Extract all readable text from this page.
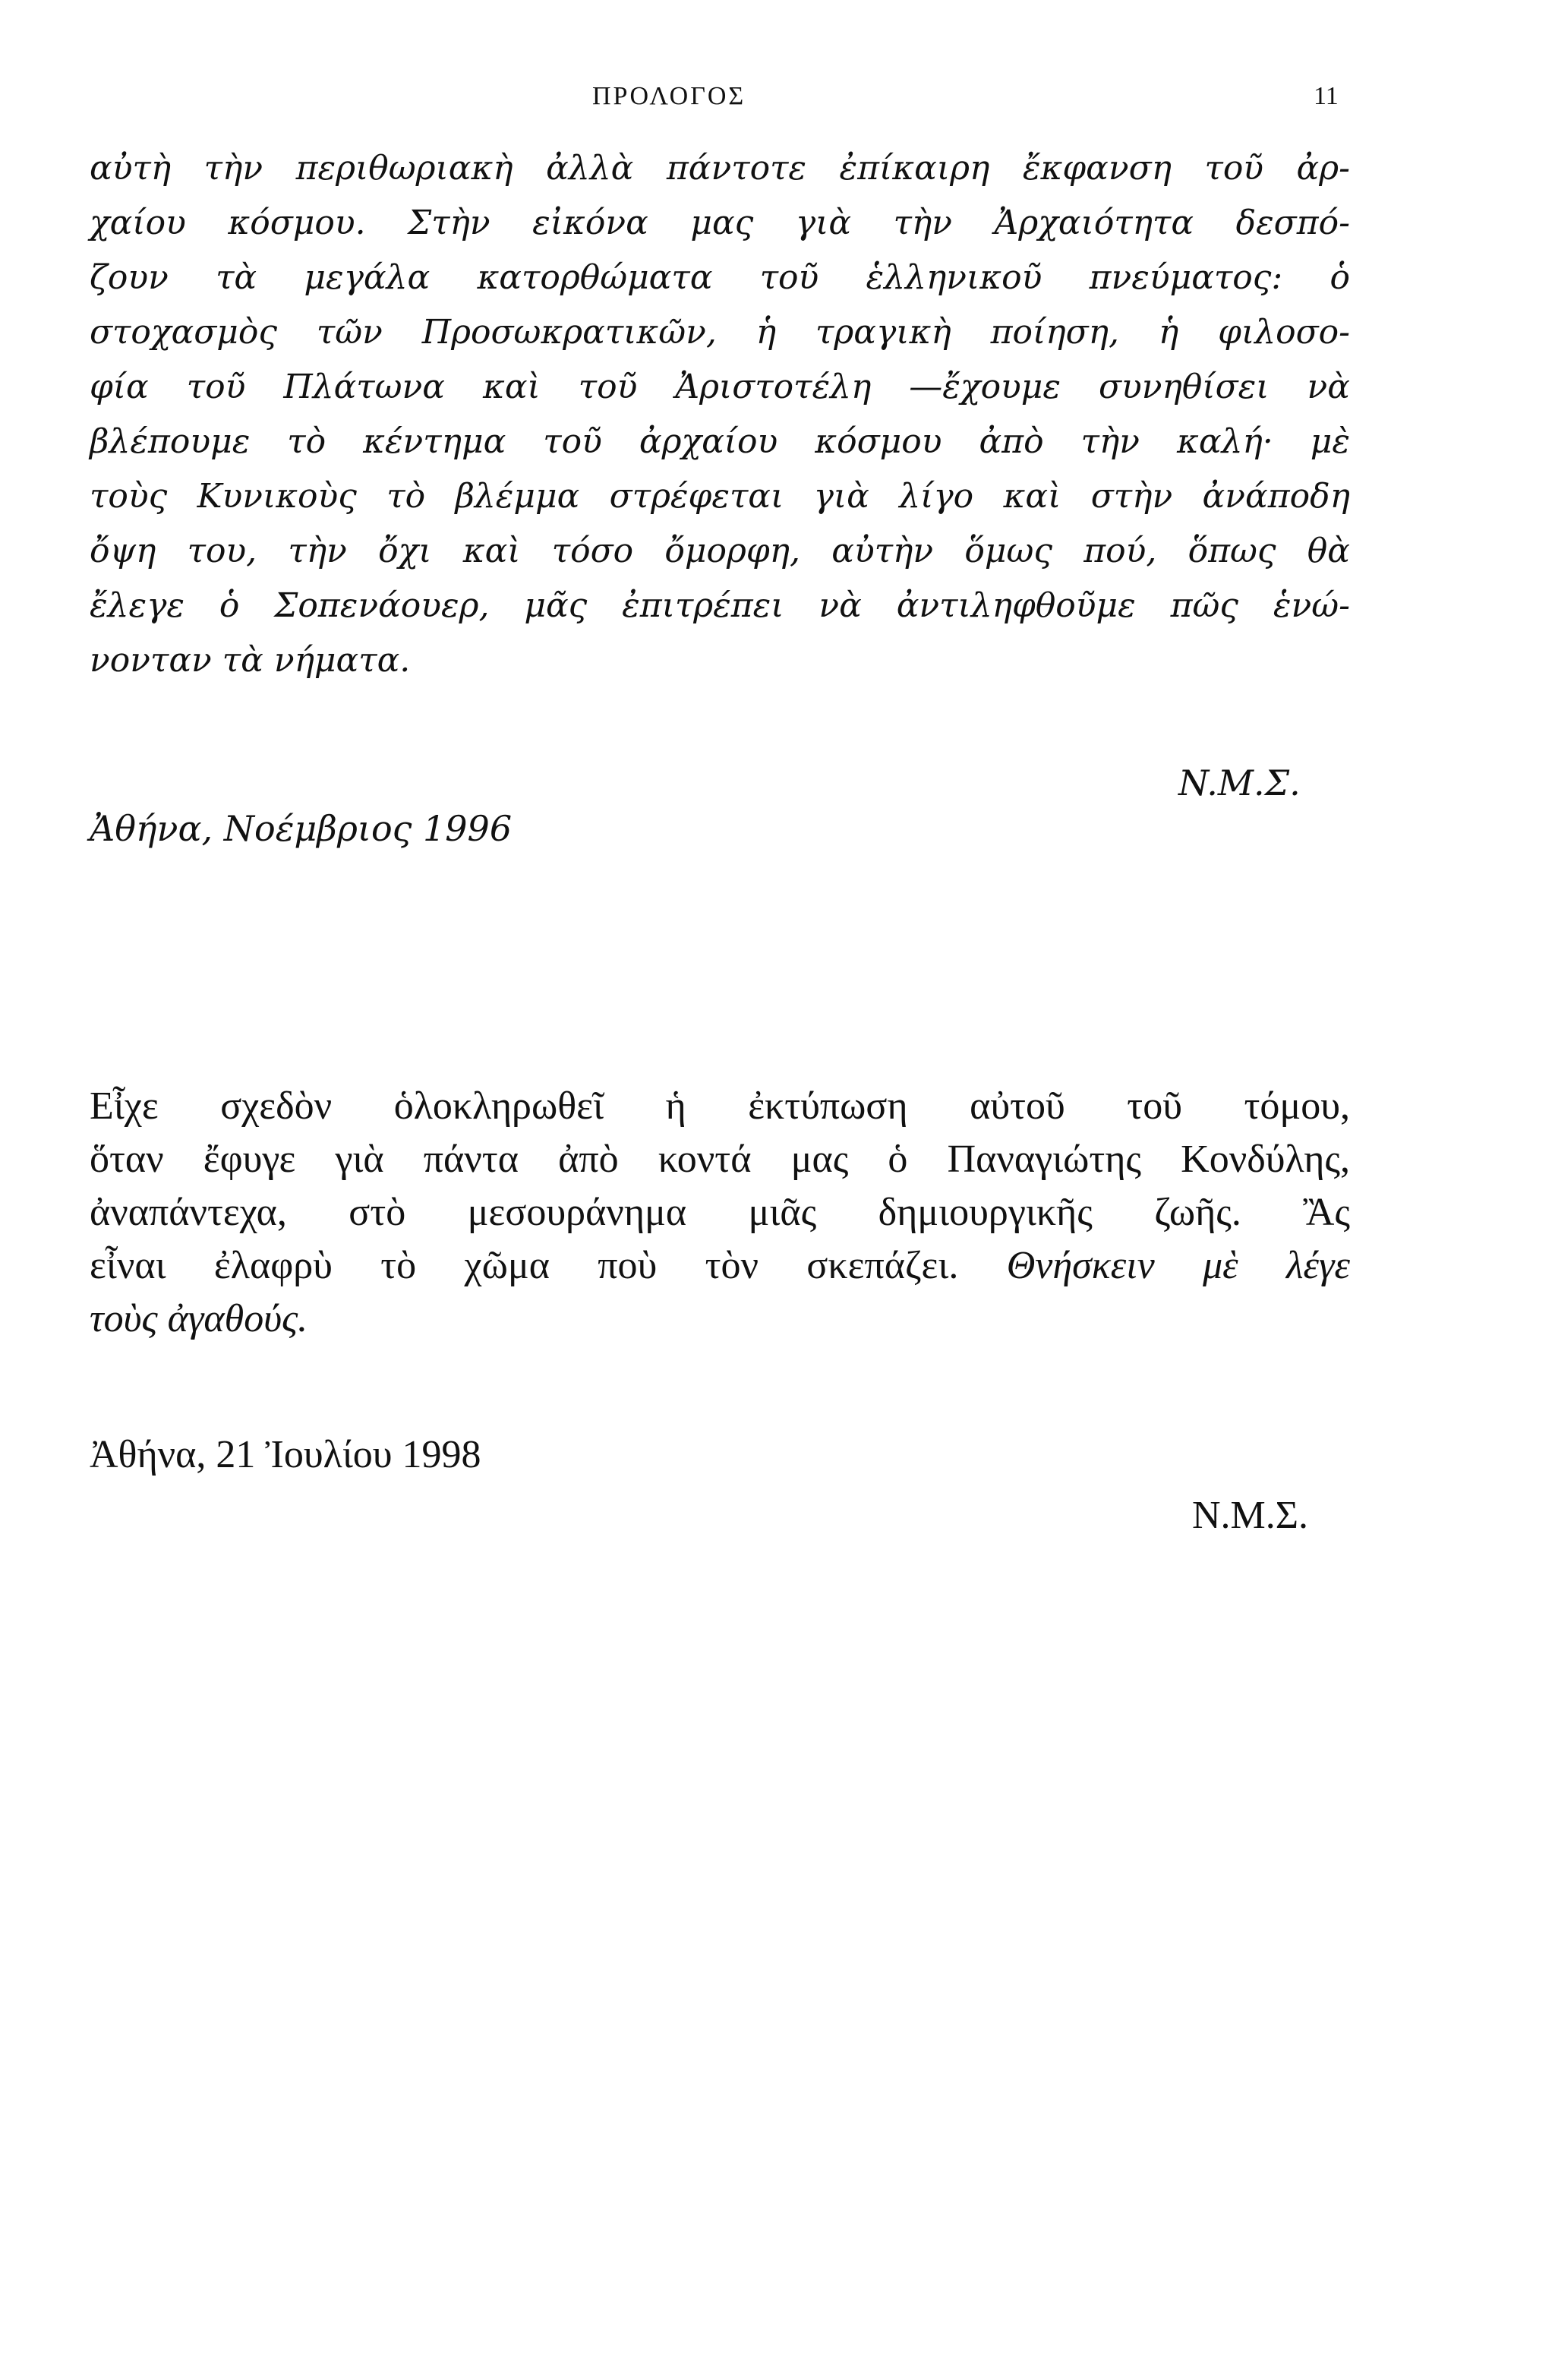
ΠΡΟΛΟΓΟΣ	11
αὐτὴ τὴν περιθωριακὴ ἀλλὰ πάντοτε ἐπίκαιρη ἔκφανση τοῦ ἀρ-
χαίου κόσμου. Στὴν εἰκόνα μας γιὰ τὴν Ἀρχαιότητα δεσπό-
ζουν τὰ μεγάλα κατορθώματα τοῦ ἑλληνικοῦ πνεύματος: ὁ
στοχασμὸς τῶν Προσωκρατικῶν, ἡ τραγικὴ ποίηση, ἡ φιλοσο-
φία τοῦ Πλάτωνα καὶ τοῦ Ἀριστοτέλη —ἔχουμε συνηθίσει νὰ
βλέπουμε τὸ κέντημα τοῦ ἀρχαίου κόσμου ἀπὸ τὴν καλή· μὲ
τοὺς Κυνικοὺς τὸ βλέμμα στρέφεται γιὰ λίγο καὶ στὴν ἀνάποδη
ὄψη του, τὴν ὄχι καὶ τόσο ὄμορφη, αὐτὴν ὅμως πού, ὅπως θὰ
ἔλεγε ὁ Σοπενάουερ, μᾶς ἐπιτρέπει νὰ ἀντιληφθοῦμε πῶς ἑνώ-
νονταν τὰ νήματα.
N.M.Σ.
Ἀθήνα, Νοέμβριος 1996
Εἶχε σχεδὸν ὁλοκληρωθεῖ ἡ ἐκτύπωση αὐτοῦ τοῦ τόμου,
ὅταν ἔφυγε γιὰ πάντα ἀπὸ κοντά μας ὁ Παναγιώτης Κονδύλης,
ἀναπάντεχα, στὸ μεσουράνημα μιᾶς δημιουργικῆς ζωῆς. Ἂς
εἶναι ἐλαφρὺ τὸ χῶμα ποὺ τὸν σκεπάζει. Θνήσκειν μὲ λέγε
τοὺς ἀγαθούς.
Ἀθήνα, 21 Ἰουλίου 1998
N.M.Σ.
